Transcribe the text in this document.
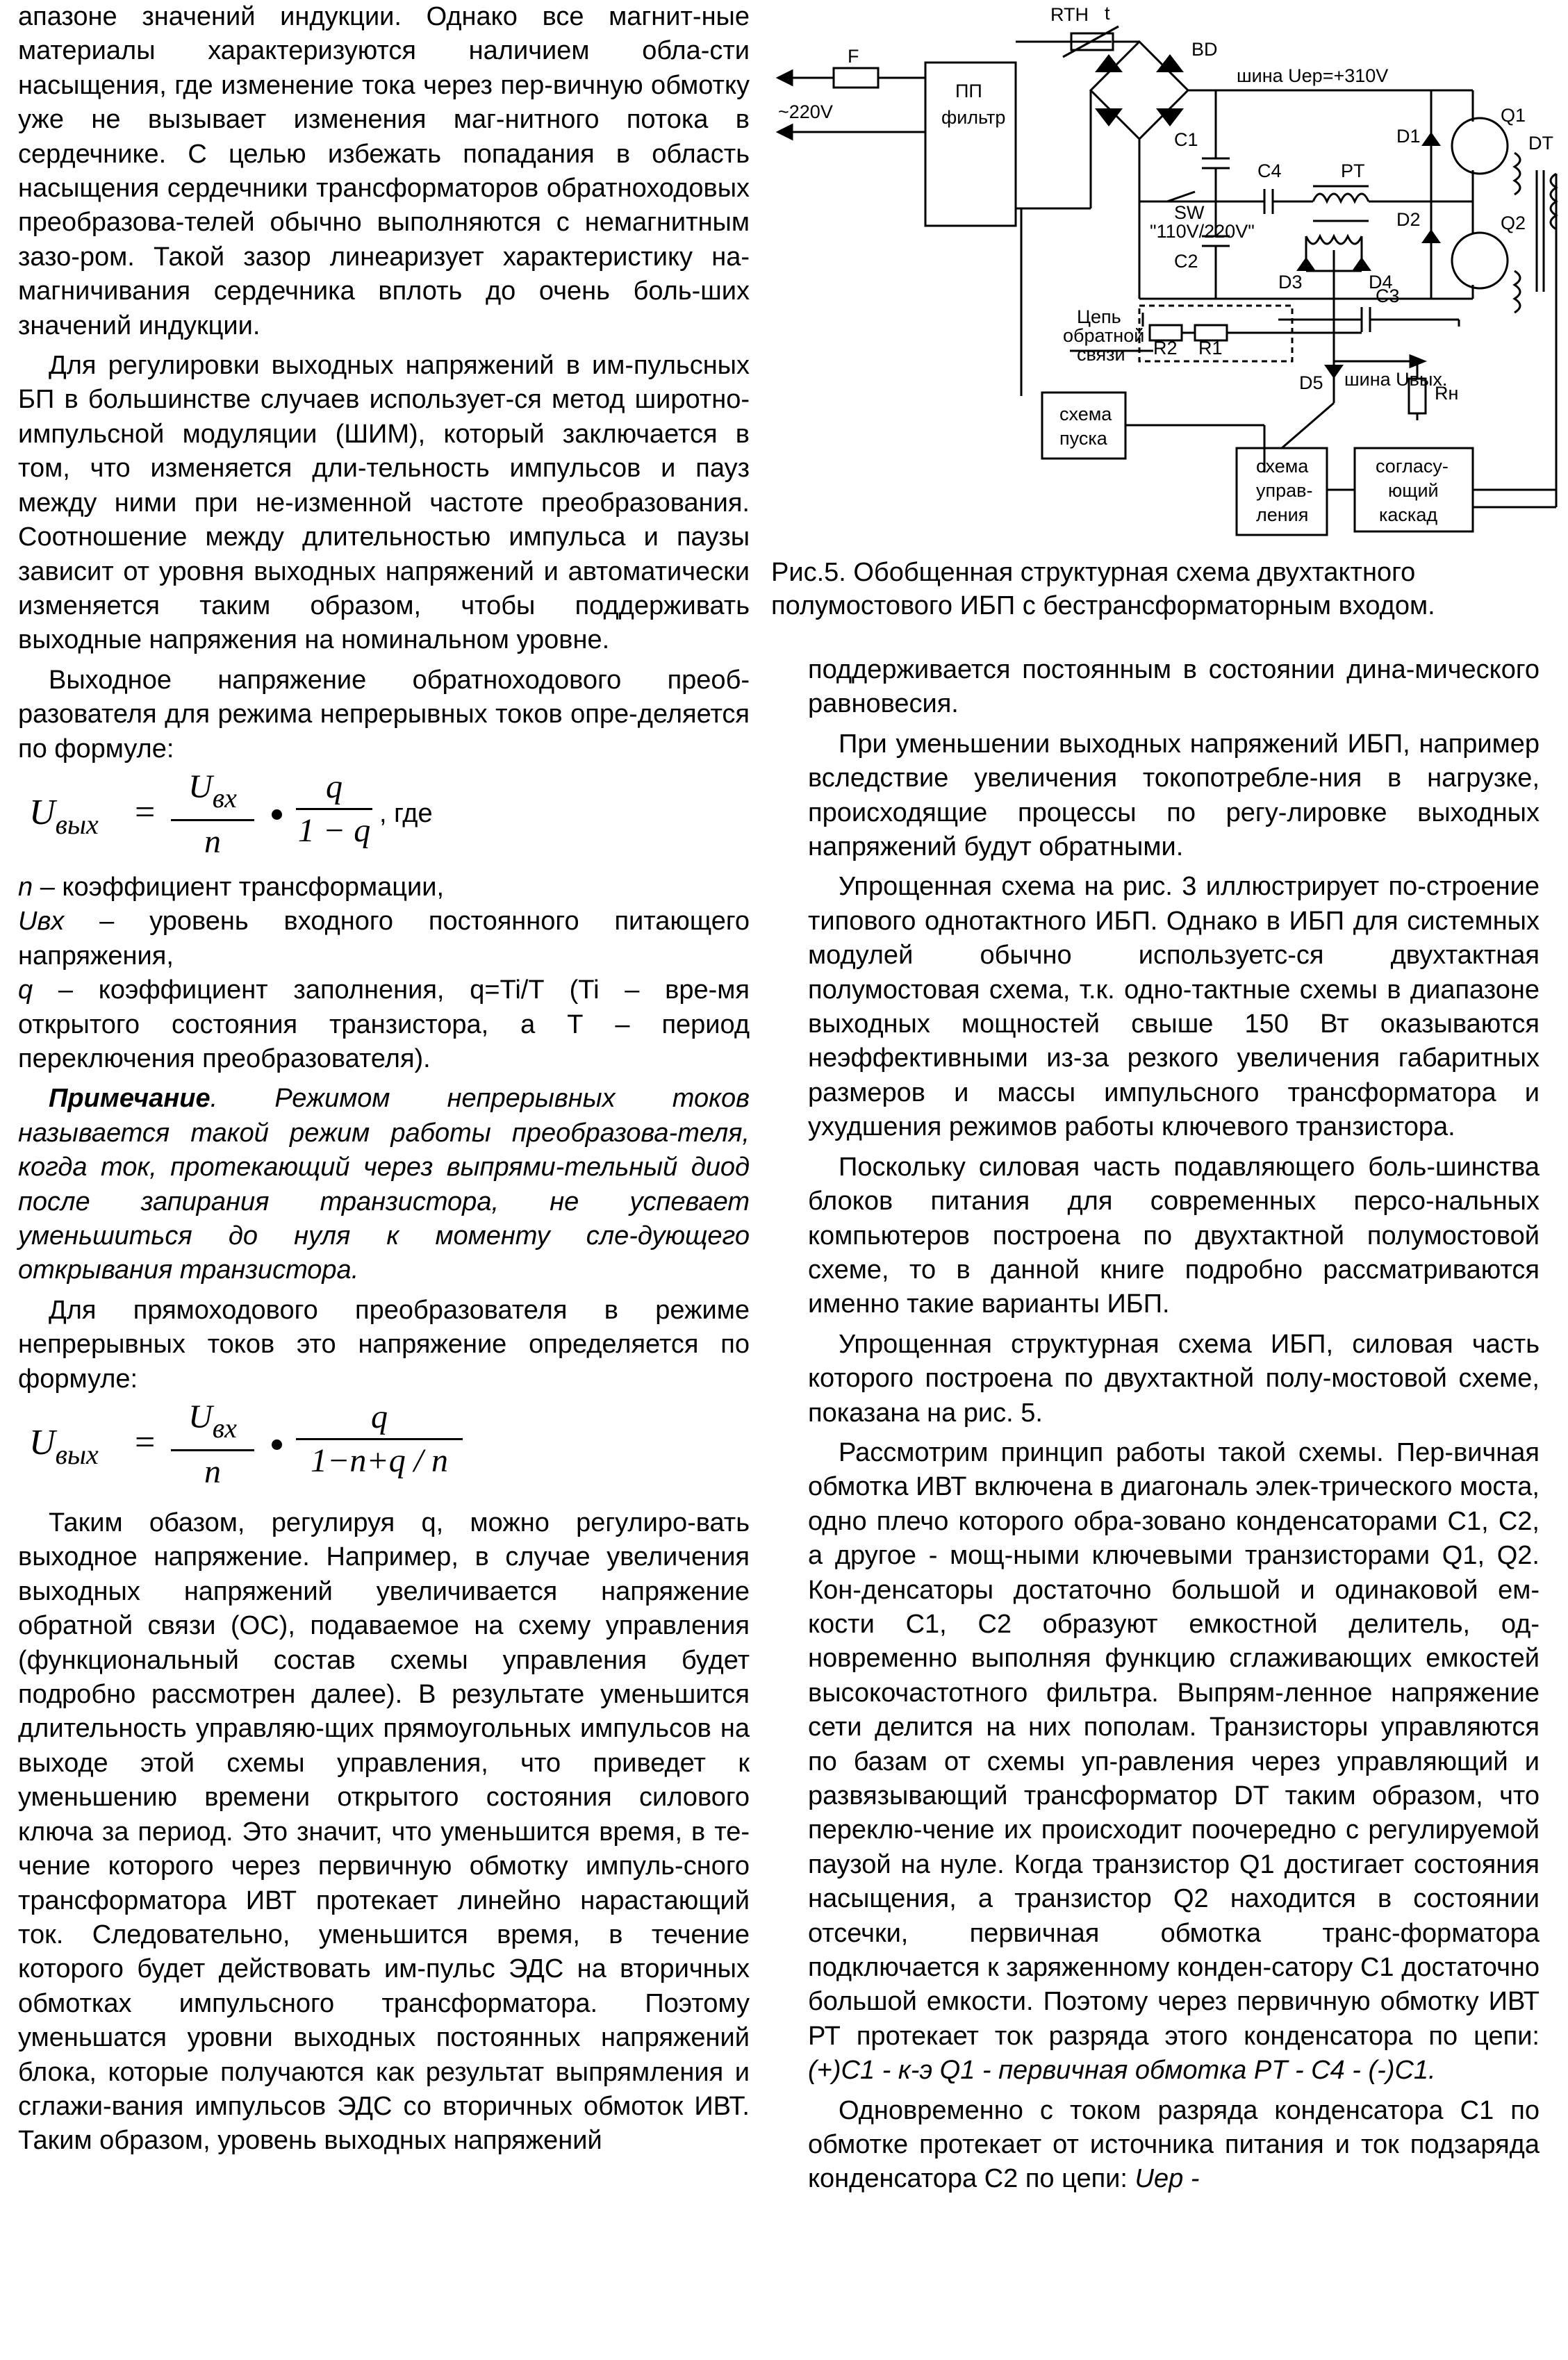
апазоне значений индукции. Однако все магнит-ные материалы характеризуются наличием обла-сти насыщения, где изменение тока через пер-вичную обмотку уже не вызывает изменения маг-нитного потока в сердечнике. С целью избежать попадания в область насыщения сердечники трансформаторов обратноходовых преобразова-телей обычно выполняются с немагнитным зазо-ром. Такой зазор линеаризует характеристику на-магничивания сердечника вплоть до очень боль-ших значений индукции.

Для регулировки выходных напряжений в им-пульсных БП в большинстве случаев использует-ся метод широтно-импульсной модуляции (ШИМ), который заключается в том, что изменяется дли-тельность импульсов и пауз между ними при не-изменной частоте преобразования. Соотношение между длительностью импульса и паузы зависит от уровня выходных напряжений и автоматически изменяется таким образом, чтобы поддерживать выходные напряжения на номинальном уровне.

Выходное напряжение обратноходового преоб-разователя для режима непрерывных токов опре-деляется по формуле:

$U_{вых}$ =
$U_{вх}$
n
q
1 − q , где

n – коэффициент трансформации,

Uвх – уровень входного постоянного питающего напряжения,

q – коэффициент заполнения, q=Ti/T (Ti – вре-мя открытого состояния транзистора, а Т – период переключения преобразователя).

Примечание. Режимом непрерывных токов называется такой режим работы преобразова-теля, когда ток, протекающий через выпрями-тельный диод после запирания транзистора, не успевает уменьшиться до нуля к моменту сле-дующего открывания транзистора.

Для прямоходового преобразователя в режиме непрерывных токов это напряжение определяется по формуле:

$U_{вых}$ =
$U_{вх}$
n
q
1−n+q / n

Таким обазом, регулируя q, можно регулиро-вать выходное напряжение. Например, в случае увеличения выходных напряжений увеличивается напряжение обратной связи (ОС), подаваемое на схему управления (функциональный состав схемы управления будет подробно рассмотрен далее). В результате уменьшится длительность управляю-щих прямоугольных импульсов на выходе этой схемы управления, что приведет к уменьшению времени открытого состояния силового ключа за период. Это значит, что уменьшится время, в те-чение которого через первичную обмотку импуль-сного трансформатора ИВТ протекает линейно нарастающий ток. Следовательно, уменьшится время, в течение которого будет действовать им-пульс ЭДС на вторичных обмотках импульсного трансформатора. Поэтому уменьшатся уровни выходных постоянных напряжений блока, которые получаются как результат выпрямления и сглажи-вания импульсов ЭДС со вторичных обмоток ИВТ. Таким образом, уровень выходных напряжений

F
~220V
ПП
фильтр
RTH t
BD
шина Uер=+310V
Q1
Q2
DT
D1
D2
D3	D4
D5
C1
C2
C3
C4	PT
SW
"110V/220V"
Цепь
обратной
связи	R1
R2
шина Uвых.
Rн
схема
пуска
схема
управ-
ления
согласу-
ющий
каскад
Рис.5. Обобщенная структурная схема двухтактного полумостового ИБП с бестрансформаторным входом.

поддерживается постоянным в состоянии дина-мического равновесия.

При уменьшении выходных напряжений ИБП, например вследствие увеличения токопотребле-ния в нагрузке, происходящие процессы по регу-лировке выходных напряжений будут обратными.

Упрощенная схема на рис. 3 иллюстрирует по-строение типового однотактного ИБП. Однако в ИБП для системных модулей обычно используетс-ся двухтактная полумостовая схема, т.к. одно-тактные схемы в диапазоне выходных мощностей свыше 150 Вт оказываются неэффективными из-за резкого увеличения габаритных размеров и массы импульсного трансформатора и ухудшения режимов работы ключевого транзистора.

Поскольку силовая часть подавляющего боль-шинства блоков питания для современных персо-нальных компьютеров построена по двухтактной полумостовой схеме, то в данной книге подробно рассматриваются именно такие варианты ИБП.

Упрощенная структурная схема ИБП, силовая часть которого построена по двухтактной полу-мостовой схеме, показана на рис. 5.

Рассмотрим принцип работы такой схемы. Пер-вичная обмотка ИВТ включена в диагональ элек-трического моста, одно плечо которого обра-зовано конденсаторами С1, С2, а другое - мощ-ными ключевыми транзисторами Q1, Q2. Кон-денсаторы достаточно большой и одинаковой ем-кости С1, С2 образуют емкостной делитель, од-новременно выполняя функцию сглаживающих емкостей высокочастотного фильтра. Выпрям-ленное напряжение сети делится на них пополам. Транзисторы управляются по базам от схемы уп-равления через управляющий и развязывающий трансформатор DT таким образом, что переклю-чение их происходит поочередно с регулируемой паузой на нуле. Когда транзистор Q1 достигает состояния насыщения, а транзистор Q2 находится в состоянии отсечки, первичная обмотка транс-форматора подключается к заряженному конден-сатору С1 достаточно большой емкости. Поэтому через первичную обмотку ИВТ РТ протекает ток разряда этого конденсатора по цепи: (+)C1 - к-э Q1 - первичная обмотка PT - C4 - (-)C1.

Одновременно с током разряда конденсатора С1 по обмотке протекает от источника питания и ток подзаряда конденсатора С2 по цепи: Uер -
